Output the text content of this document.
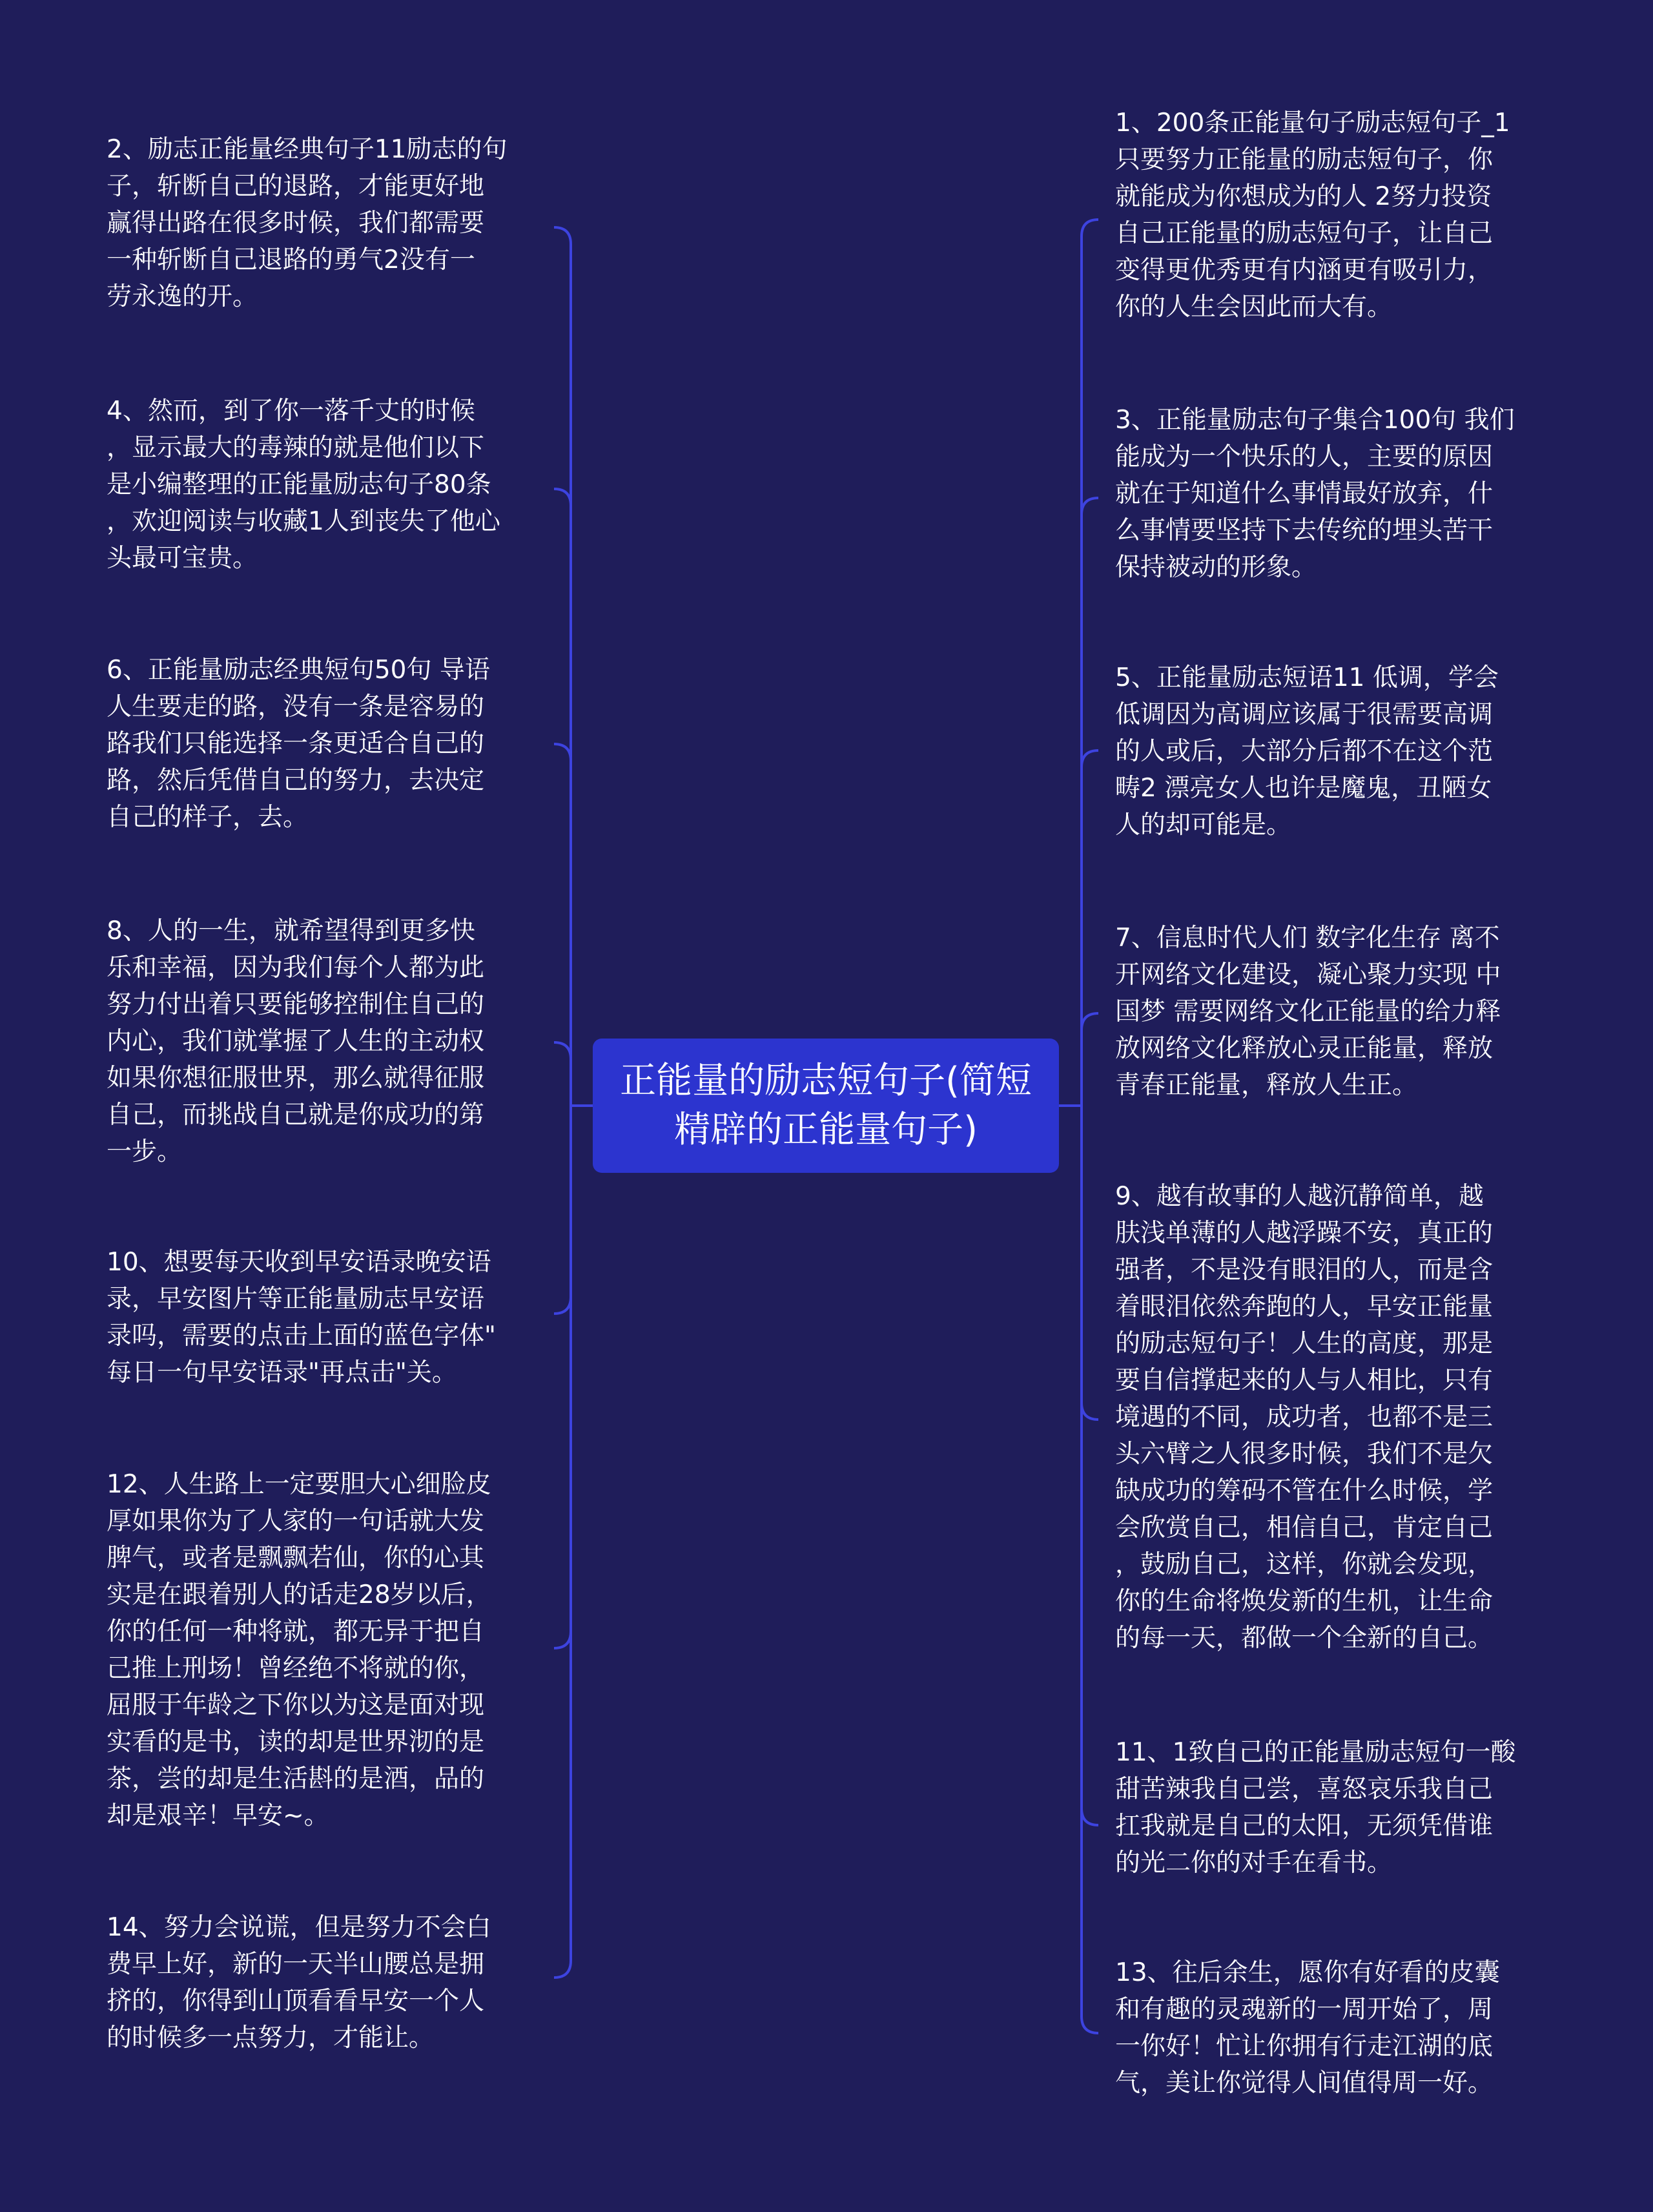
正能量的励志短句子(简短精辟的正能量句子)

2、励志正能量经典句子11励志的句
子，斩断自己的退路，才能更好地
赢得出路在很多时候，我们都需要
一种斩断自己退路的勇气2没有一
劳永逸的开。

4、然而，到了你一落千丈的时候
，显示最大的毒辣的就是他们以下
是小编整理的正能量励志句子80条
，欢迎阅读与收藏1人到丧失了他心
头最可宝贵。

6、正能量励志经典短句50句 导语
人生要走的路，没有一条是容易的
路我们只能选择一条更适合自己的
路，然后凭借自己的努力，去决定
自己的样子，去。

8、人的一生，就希望得到更多快
乐和幸福，因为我们每个人都为此
努力付出着只要能够控制住自己的
内心，我们就掌握了人生的主动权
如果你想征服世界，那么就得征服
自己，而挑战自己就是你成功的第
一步。

10、想要每天收到早安语录晚安语
录，早安图片等正能量励志早安语
录吗，需要的点击上面的蓝色字体"
每日一句早安语录"再点击"关。

12、人生路上一定要胆大心细脸皮
厚如果你为了人家的一句话就大发
脾气，或者是飘飘若仙，你的心其
实是在跟着别人的话走28岁以后，
你的任何一种将就，都无异于把自
己推上刑场！曾经绝不将就的你，
屈服于年龄之下你以为这是面对现
实看的是书，读的却是世界沏的是
茶，尝的却是生活斟的是酒，品的
却是艰辛！早安~。

14、努力会说谎，但是努力不会白
费早上好，新的一天半山腰总是拥
挤的，你得到山顶看看早安一个人
的时候多一点努力，才能让。

1、200条正能量句子励志短句子_1
只要努力正能量的励志短句子，你
就能成为你想成为的人 2努力投资
自己正能量的励志短句子，让自己
变得更优秀更有内涵更有吸引力，
你的人生会因此而大有。

3、正能量励志句子集合100句 我们
能成为一个快乐的人，主要的原因
就在于知道什么事情最好放弃，什
么事情要坚持下去传统的埋头苦干
保持被动的形象。

5、正能量励志短语11 低调，学会
低调因为高调应该属于很需要高调
的人或后，大部分后都不在这个范
畴2 漂亮女人也许是魔鬼，丑陋女
人的却可能是。

7、信息时代人们 数字化生存 离不
开网络文化建设，凝心聚力实现 中
国梦 需要网络文化正能量的给力释
放网络文化释放心灵正能量，释放
青春正能量，释放人生正。

9、越有故事的人越沉静简单，越
肤浅单薄的人越浮躁不安，真正的
强者，不是没有眼泪的人，而是含
着眼泪依然奔跑的人，早安正能量
的励志短句子！人生的高度，那是
要自信撑起来的人与人相比，只有
境遇的不同，成功者，也都不是三
头六臂之人很多时候，我们不是欠
缺成功的筹码不管在什么时候，学
会欣赏自己，相信自己，肯定自己
，鼓励自己，这样，你就会发现，
你的生命将焕发新的生机，让生命
的每一天，都做一个全新的自己。

11、1致自己的正能量励志短句一酸
甜苦辣我自己尝，喜怒哀乐我自己
扛我就是自己的太阳，无须凭借谁
的光二你的对手在看书。

13、往后余生，愿你有好看的皮囊
和有趣的灵魂新的一周开始了，周
一你好！忙让你拥有行走江湖的底
气，美让你觉得人间值得周一好。
